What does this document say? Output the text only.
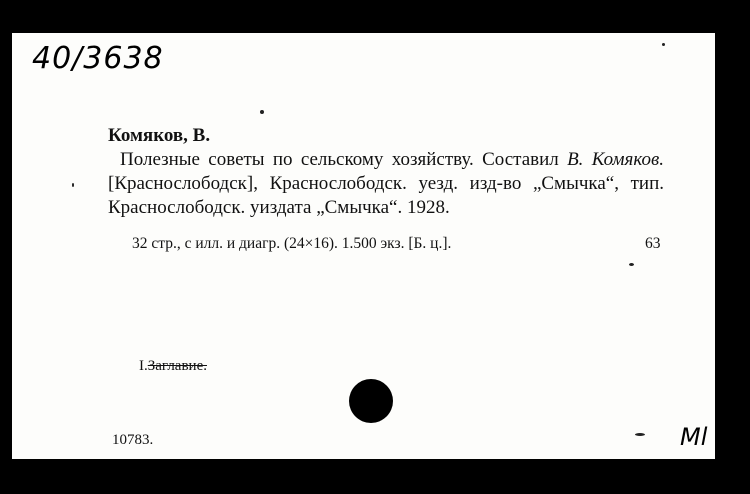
40/3638
Комяков, В.
Полезные советы по сельскому хозяйству. Составил В. Комяков. [Краснослободск], Краснослободск. уезд. изд-во „Смычка“, тип. Краснослободск. уиздата „Смычка“. 1928.
32 стр., с илл. и диагр. (24×16). 1.500 экз. [Б. ц.].	63
I.Заглавие.
10783.	Ml
